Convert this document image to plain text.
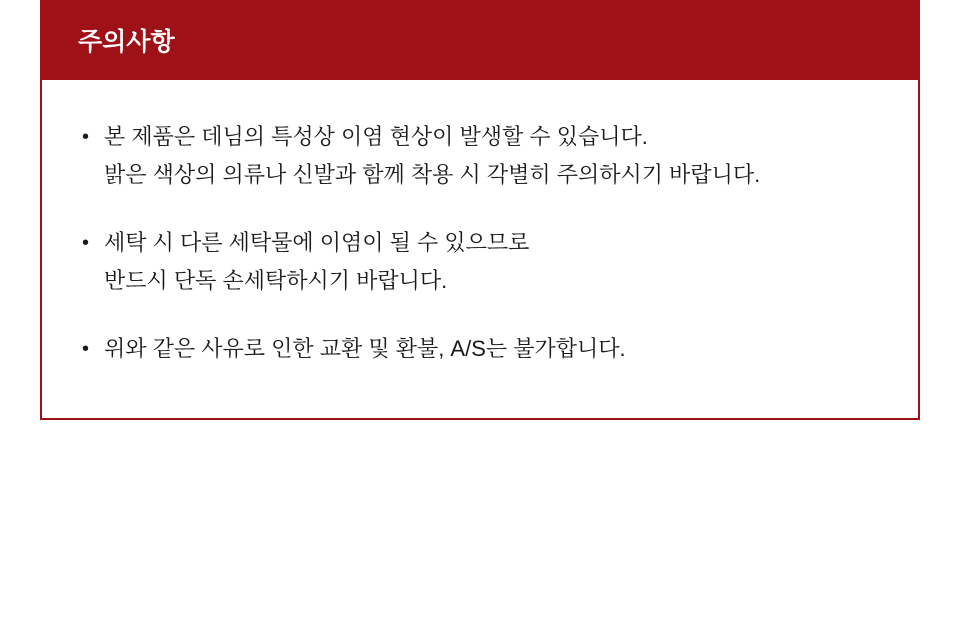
주의사항
• 본 제품은 데님의 특성상 이염 현상이 발생할 수 있습니다.
밝은 색상의 의류나 신발과 함께 착용 시 각별히 주의하시기 바랍니다.
• 세탁 시 다른 세탁물에 이염이 될 수 있으므로
반드시 단독 손세탁하시기 바랍니다.
• 위와 같은 사유로 인한 교환 및 환불, A/S는 불가합니다.
